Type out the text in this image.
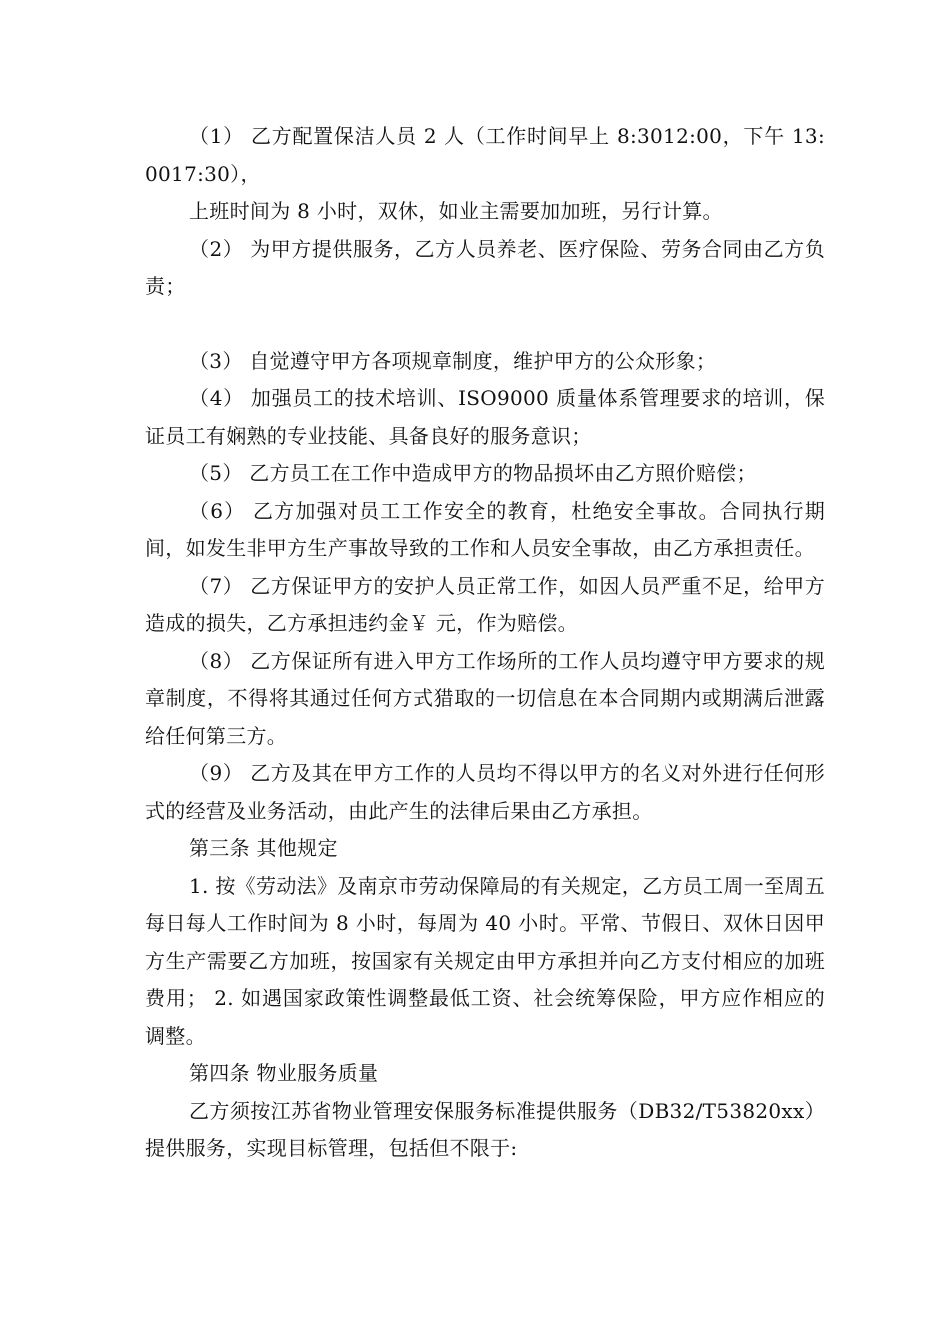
（1） 乙方配置保洁人员 2 人（工作时间早上 8:3012:00，下午 13:0017:30），

上班时间为 8 小时，双休，如业主需要加加班，另行计算。

（2） 为甲方提供服务，乙方人员养老、医疗保险、劳务合同由乙方负责；

（3） 自觉遵守甲方各项规章制度，维护甲方的公众形象；

（4） 加强员工的技术培训、ISO9000 质量体系管理要求的培训，保证员工有娴熟的专业技能、具备良好的服务意识；

（5） 乙方员工在工作中造成甲方的物品损坏由乙方照价赔偿；

（6） 乙方加强对员工工作安全的教育，杜绝安全事故。合同执行期间，如发生非甲方生产事故导致的工作和人员安全事故，由乙方承担责任。

（7） 乙方保证甲方的安护人员正常工作，如因人员严重不足，给甲方造成的损失，乙方承担违约金￥ 元，作为赔偿。

（8） 乙方保证所有进入甲方工作场所的工作人员均遵守甲方要求的规章制度，不得将其通过任何方式猎取的一切信息在本合同期内或期满后泄露给任何第三方。

（9） 乙方及其在甲方工作的人员均不得以甲方的名义对外进行任何形式的经营及业务活动，由此产生的法律后果由乙方承担。

第三条 其他规定

1. 按《劳动法》及南京市劳动保障局的有关规定，乙方员工周一至周五每日每人工作时间为 8 小时，每周为 40 小时。平常、节假日、双休日因甲方生产需要乙方加班，按国家有关规定由甲方承担并向乙方支付相应的加班费用； 2. 如遇国家政策性调整最低工资、社会统筹保险，甲方应作相应的调整。

第四条 物业服务质量

乙方须按江苏省物业管理安保服务标准提供服务（DB32/T53820xx）提供服务，实现目标管理，包括但不限于:
